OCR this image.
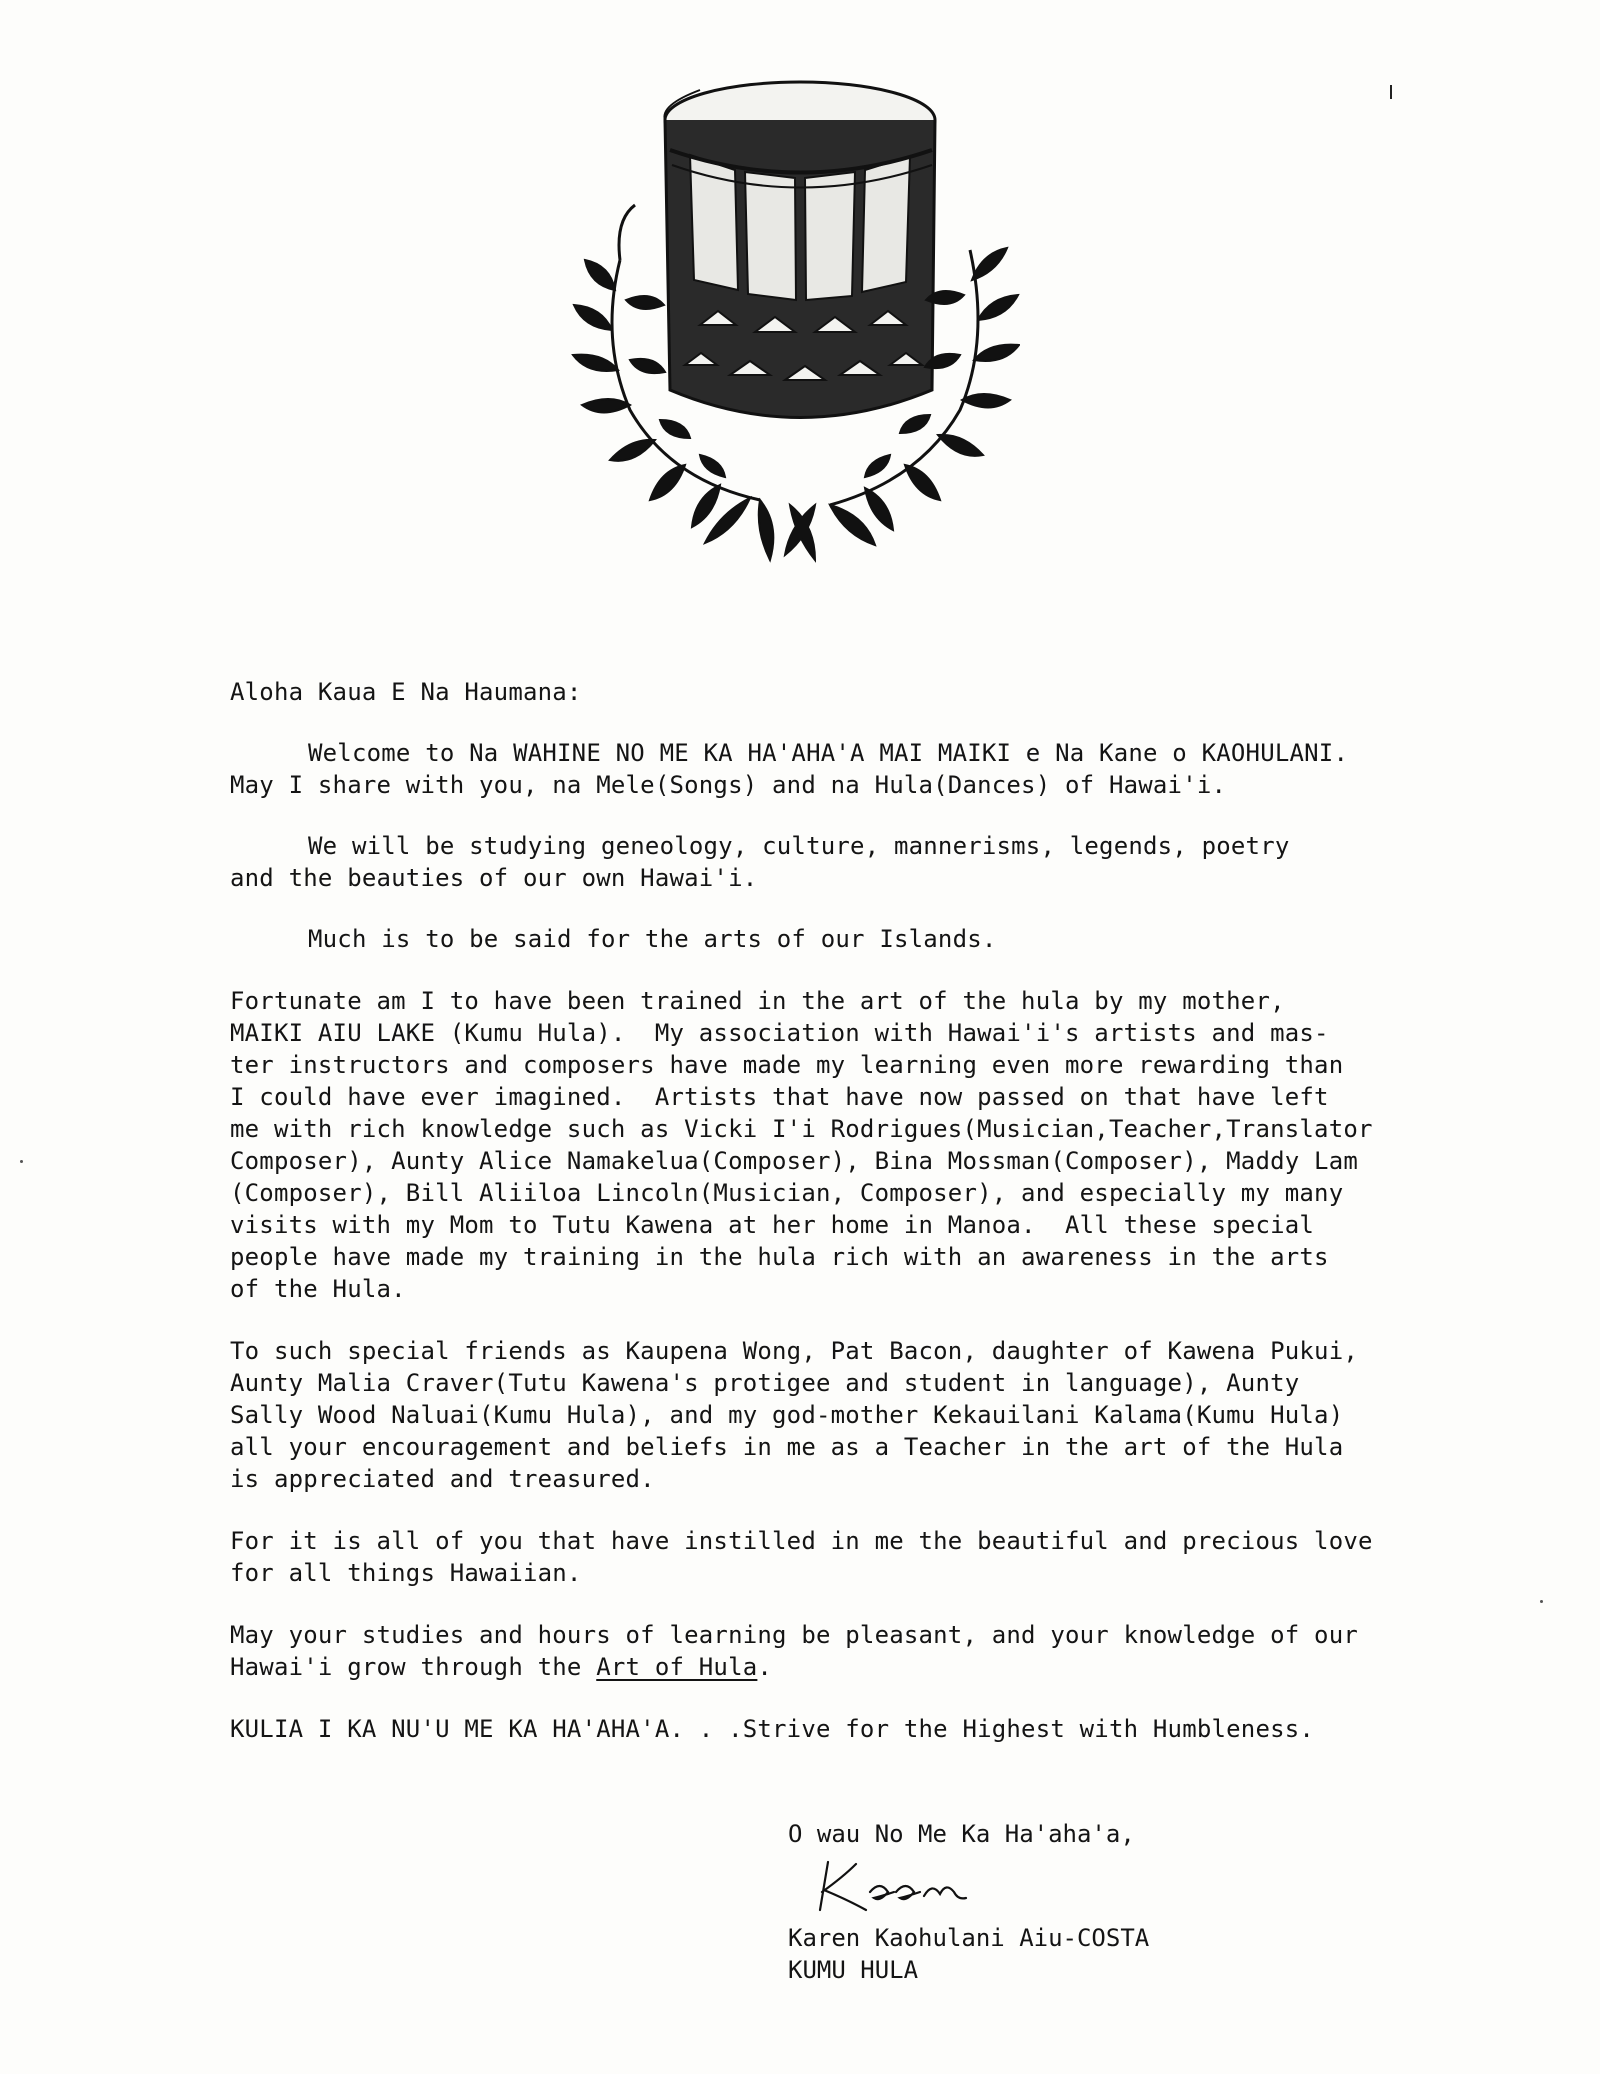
Aloha Kaua E Na Haumana:
Welcome to Na WAHINE NO ME KA HA'AHA'A MAI MAIKI e Na Kane o KAOHULANI.
May I share with you, na Mele(Songs) and na Hula(Dances) of Hawai'i.
We will be studying geneology, culture, mannerisms, legends, poetry
and the beauties of our own Hawai'i.
Much is to be said for the arts of our Islands.
Fortunate am I to have been trained in the art of the hula by my mother,
MAIKI AIU LAKE (Kumu Hula).  My association with Hawai'i's artists and mas-
ter instructors and composers have made my learning even more rewarding than
I could have ever imagined.  Artists that have now passed on that have left
me with rich knowledge such as Vicki I'i Rodrigues(Musician,Teacher,Translator
Composer), Aunty Alice Namakelua(Composer), Bina Mossman(Composer), Maddy Lam
(Composer), Bill Aliiloa Lincoln(Musician, Composer), and especially my many
visits with my Mom to Tutu Kawena at her home in Manoa.  All these special
people have made my training in the hula rich with an awareness in the arts
of the Hula.
To such special friends as Kaupena Wong, Pat Bacon, daughter of Kawena Pukui,
Aunty Malia Craver(Tutu Kawena's protigee and student in language), Aunty
Sally Wood Naluai(Kumu Hula), and my god-mother Kekauilani Kalama(Kumu Hula)
all your encouragement and beliefs in me as a Teacher in the art of the Hula
is appreciated and treasured.
For it is all of you that have instilled in me the beautiful and precious love
for all things Hawaiian.
May your studies and hours of learning be pleasant, and your knowledge of our
Hawai'i grow through the Art of Hula.
KULIA I KA NU'U ME KA HA'AHA'A. . .Strive for the Highest with Humbleness.
O wau No Me Ka Ha'aha'a,
Karen Kaohulani Aiu-COSTA
KUMU HULA
